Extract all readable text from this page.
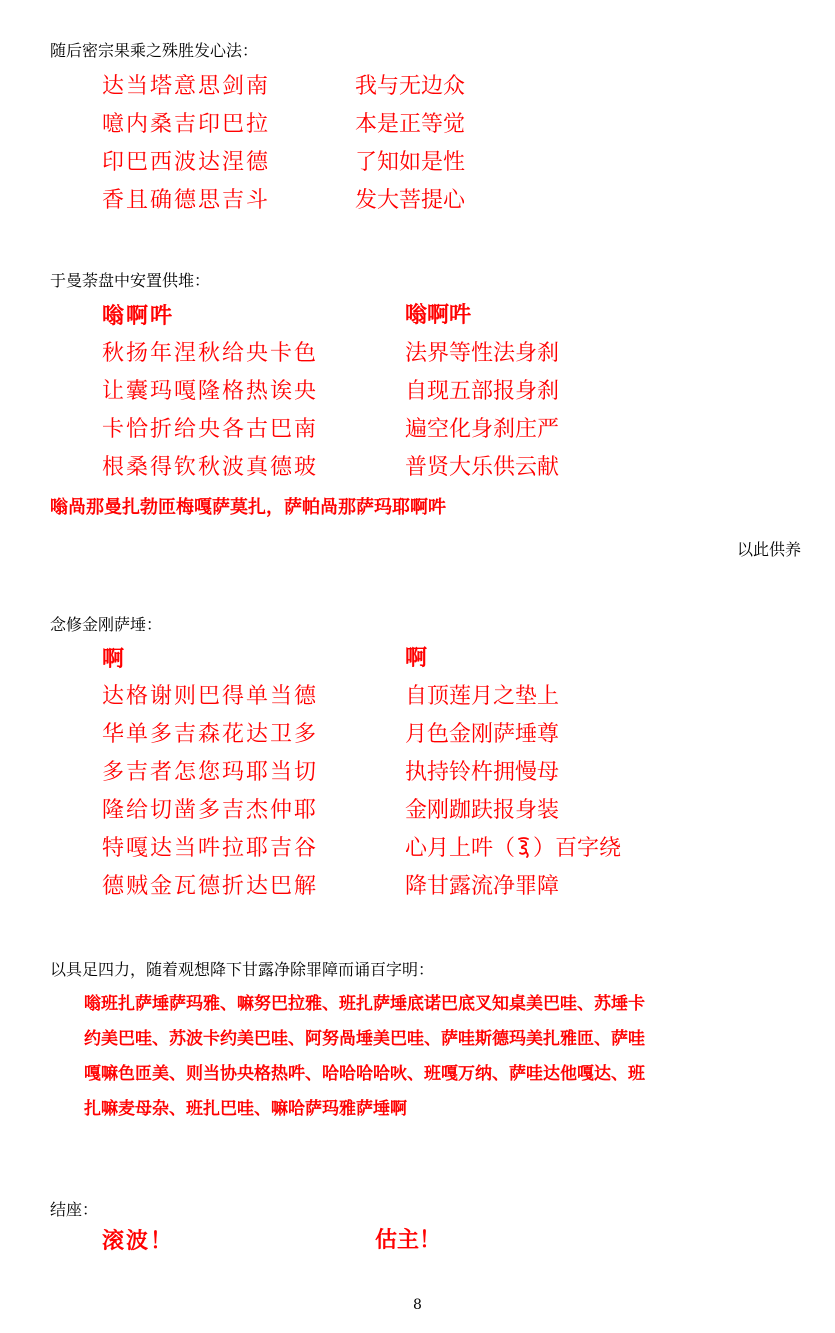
随后密宗果乘之殊胜发心法：
达当塔意思剑南
噫内桑吉印巴拉
印巴西波达涅德
香且确德思吉斗
我与无边众
本是正等觉
了知如是性
发大菩提心
于曼荼盘中安置供堆：
嗡啊吽
秋扬年涅秋给央卡色
让囊玛嘎隆格热诶央
卡恰折给央各古巴南
根桑得钦秋波真德玻
嗡啊吽
法界等性法身刹
自现五部报身刹
遍空化身刹庄严
普贤大乐供云献
嗡咼那曼扎勃匝梅嘎萨莫扎，萨帕咼那萨玛耶啊吽
以此供养
念修金刚萨埵：
啊
达格谢则巴得单当德
华单多吉森花达卫多
多吉者怎您玛耶当切
隆给切凿多吉杰仲耶
特嘎达当吽拉耶吉谷
德贼金瓦德折达巴解
啊
自顶莲月之垫上
月色金刚萨埵尊
执持铃杵拥慢母
金刚跏趺报身装
心月上吽（ ）百字绕
降甘露流净罪障
以具足四力，随着观想降下甘露净除罪障而诵百字明：
嗡班扎萨埵萨玛雅、嘛努巴拉雅、班扎萨埵底诺巴底叉知桌美巴哇、苏埵卡
约美巴哇、苏波卡约美巴哇、阿努咼埵美巴哇、萨哇斯德玛美扎雅匝、萨哇
嘎嘛色匝美、则当协央格热吽、哈哈哈哈吙、班嘎万纳、萨哇达他嘎达、班
扎嘛麦母杂、班扎巴哇、嘛哈萨玛雅萨埵啊
结座：
滚波！	估主！
8
